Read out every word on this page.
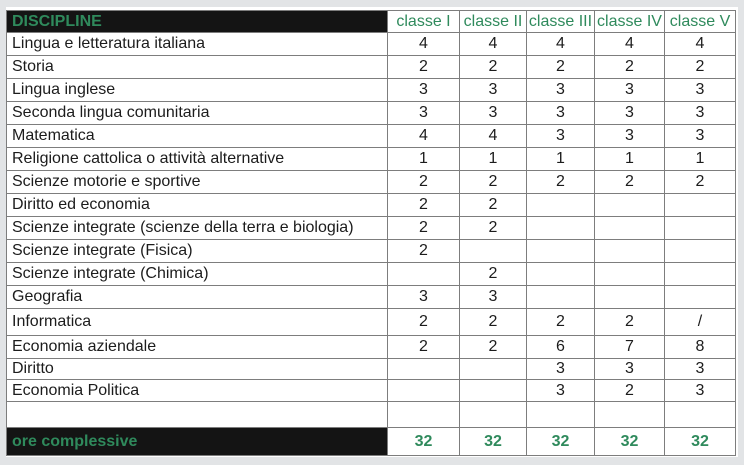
DISCIPLINE	classe I	classe II	classe III	classe IV	classe V
Lingua e letteratura italiana	4	4	4	4	4
Storia	2	2	2	2	2
Lingua inglese	3	3	3	3	3
Seconda lingua comunitaria	3	3	3	3	3
Matematica	4	4	3	3	3
Religione cattolica o attività alternative	1	1	1	1	1
Scienze motorie e sportive	2	2	2	2	2
Diritto ed economia	2	2			
Scienze integrate (scienze della terra e biologia)	2	2			
Scienze integrate (Fisica)	2				
Scienze integrate (Chimica)		2			
Geografia	3	3			
Informatica	2	2	2	2	/
Economia aziendale	2	2	6	7	8
Diritto			3	3	3
Economia Politica			3	2	3

ore complessive	32	32	32	32	32
